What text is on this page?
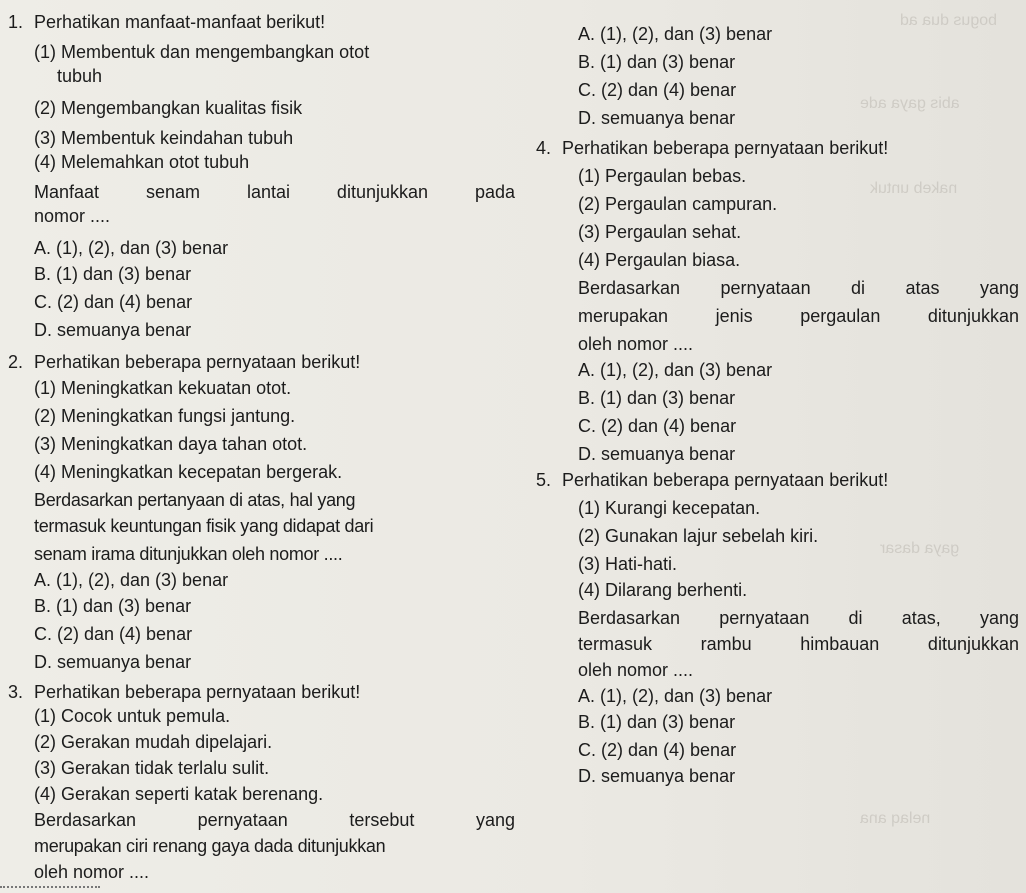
bogus dua ad
abis gaya ade
nakeb untuk
gaya dasar
nelaq ana
1. Perhatikan manfaat-manfaat berikut!
(1) Membentuk dan mengembangkan otot
tubuh
(2) Mengembangkan kualitas fisik
(3) Membentuk keindahan tubuh
(4) Melemahkan otot tubuh
Manfaat senam lantai ditunjukkan pada
nomor ....
A. (1), (2), dan (3) benar
B. (1) dan (3) benar
C. (2) dan (4) benar
D. semuanya benar
2. Perhatikan beberapa pernyataan berikut!
(1) Meningkatkan kekuatan otot.
(2) Meningkatkan fungsi jantung.
(3) Meningkatkan daya tahan otot.
(4) Meningkatkan kecepatan bergerak.
Berdasarkan pertanyaan di atas, hal yang
termasuk keuntungan fisik yang didapat dari
senam irama ditunjukkan oleh nomor ....
A. (1), (2), dan (3) benar
B. (1) dan (3) benar
C. (2) dan (4) benar
D. semuanya benar
3. Perhatikan beberapa pernyataan berikut!
(1) Cocok untuk pemula.
(2) Gerakan mudah dipelajari.
(3) Gerakan tidak terlalu sulit.
(4) Gerakan seperti katak berenang.
Berdasarkan pernyataan tersebut yang
merupakan ciri renang gaya dada ditunjukkan
oleh nomor ....
A. (1), (2), dan (3) benar
B. (1) dan (3) benar
C. (2) dan (4) benar
D. semuanya benar
4. Perhatikan beberapa pernyataan berikut!
(1) Pergaulan bebas.
(2) Pergaulan campuran.
(3) Pergaulan sehat.
(4) Pergaulan biasa.
Berdasarkan pernyataan di atas yang
merupakan jenis pergaulan ditunjukkan
oleh nomor ....
A. (1), (2), dan (3) benar
B. (1) dan (3) benar
C. (2) dan (4) benar
D. semuanya benar
5. Perhatikan beberapa pernyataan berikut!
(1) Kurangi kecepatan.
(2) Gunakan lajur sebelah kiri.
(3) Hati-hati.
(4) Dilarang berhenti.
Berdasarkan pernyataan di atas, yang
termasuk rambu himbauan ditunjukkan
oleh nomor ....
A. (1), (2), dan (3) benar
B. (1) dan (3) benar
C. (2) dan (4) benar
D. semuanya benar
